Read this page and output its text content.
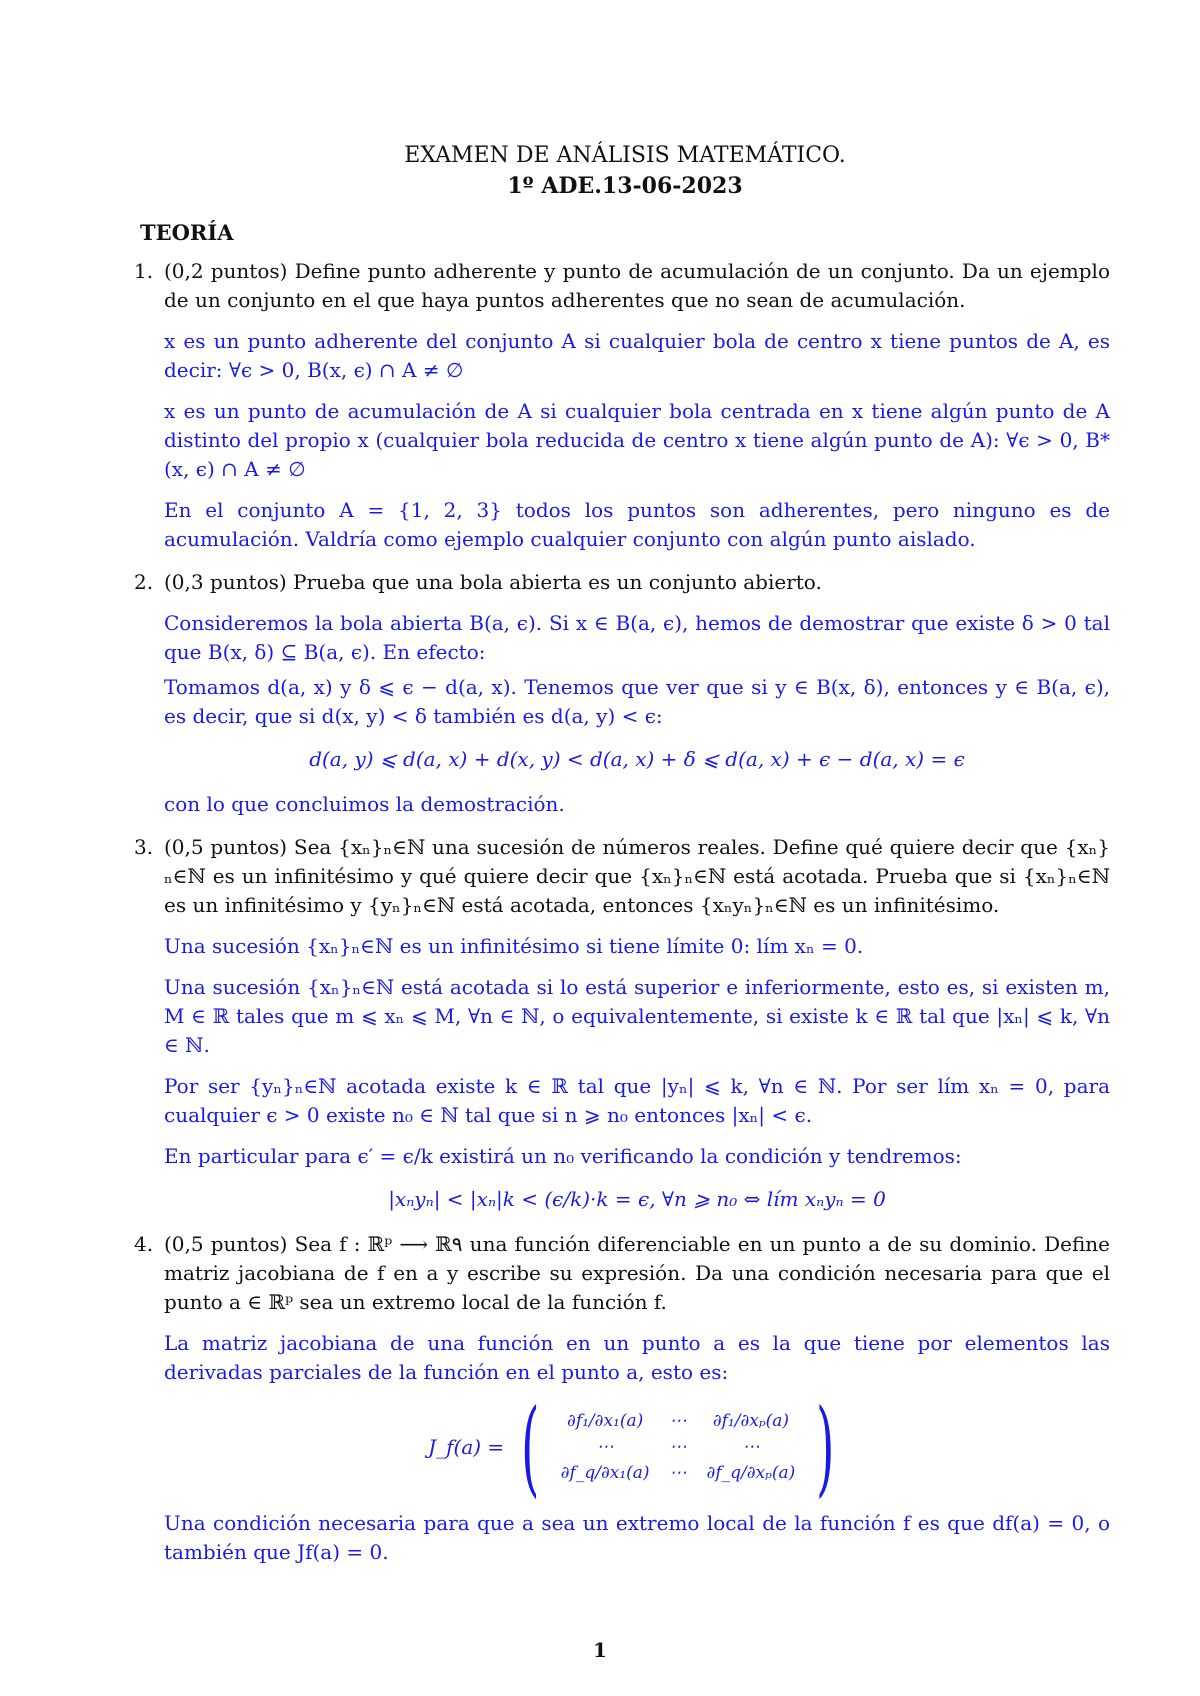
EXAMEN DE ANÁLISIS MATEMÁTICO.

1º ADE.13-06-2023

TEORÍA
1. (0,2 puntos) Define punto adherente y punto de acumulación de un conjunto. Da un ejemplo de un conjunto en el que haya puntos adherentes que no sean de acumulación.

x es un punto adherente del conjunto A si cualquier bola de centro x tiene puntos de A, es decir: ∀ϵ > 0, B(x, ϵ) ∩ A ≠ ∅

x es un punto de acumulación de A si cualquier bola centrada en x tiene algún punto de A distinto del propio x (cualquier bola reducida de centro x tiene algún punto de A): ∀ϵ > 0, B*(x, ϵ) ∩ A ≠ ∅

En el conjunto A = {1, 2, 3} todos los puntos son adherentes, pero ninguno es de acumulación. Valdría como ejemplo cualquier conjunto con algún punto aislado.

2. (0,3 puntos) Prueba que una bola abierta es un conjunto abierto.

Consideremos la bola abierta B(a, ϵ). Si x ∈ B(a, ϵ), hemos de demostrar que existe δ > 0 tal que B(x, δ) ⊆ B(a, ϵ). En efecto:

Tomamos d(a, x) y δ ⩽ ϵ − d(a, x). Tenemos que ver que si y ∈ B(x, δ), entonces y ∈ B(a, ϵ), es decir, que si d(x, y) < δ también es d(a, y) < ϵ:

d(a, y) ⩽ d(a, x) + d(x, y) < d(a, x) + δ ⩽ d(a, x) + ϵ − d(a, x) = ϵ

con lo que concluimos la demostración.

3. (0,5 puntos) Sea {xₙ}ₙ∈ℕ una sucesión de números reales. Define qué quiere decir que {xₙ}ₙ∈ℕ es un infinitésimo y qué quiere decir que {xₙ}ₙ∈ℕ está acotada. Prueba que si {xₙ}ₙ∈ℕ es un infinitésimo y {yₙ}ₙ∈ℕ está acotada, entonces {xₙyₙ}ₙ∈ℕ es un infinitésimo.

Una sucesión {xₙ}ₙ∈ℕ es un infinitésimo si tiene límite 0: lím xₙ = 0.

Una sucesión {xₙ}ₙ∈ℕ está acotada si lo está superior e inferiormente, esto es, si existen m, M ∈ ℝ tales que m ⩽ xₙ ⩽ M, ∀n ∈ ℕ, o equivalentemente, si existe k ∈ ℝ tal que |xₙ| ⩽ k, ∀n ∈ ℕ.

Por ser {yₙ}ₙ∈ℕ acotada existe k ∈ ℝ tal que |yₙ| ⩽ k, ∀n ∈ ℕ. Por ser lím xₙ = 0, para cualquier ϵ > 0 existe n₀ ∈ ℕ tal que si n ⩾ n₀ entonces |xₙ| < ϵ.

En particular para ϵ′ = ϵ/k existirá un n₀ verificando la condición y tendremos:

|xₙyₙ| < |xₙ|k < (ϵ/k)·k = ϵ, ∀n ⩾ n₀ ⇔ lím xₙyₙ = 0
4. (0,5 puntos) Sea f : ℝᵖ ⟶ ℝ۹ una función diferenciable en un punto a de su dominio. Define matriz jacobiana de f en a y escribe su expresión. Da una condición necesaria para que el punto a ∈ ℝᵖ sea un extremo local de la función f.

La matriz jacobiana de una función en un punto a es la que tiene por elementos las derivadas parciales de la función en el punto a, esto es:

J_f(a) = ( ∂f₁/∂x₁(a)	⋯	∂f₁/∂xₚ(a)
⋯	⋯	⋯
∂f_q/∂x₁(a)	⋯	∂f_q/∂xₚ(a) )

Una condición necesaria para que a sea un extremo local de la función f es que df(a) = 0, o también que Jf(a) = 0.

1
